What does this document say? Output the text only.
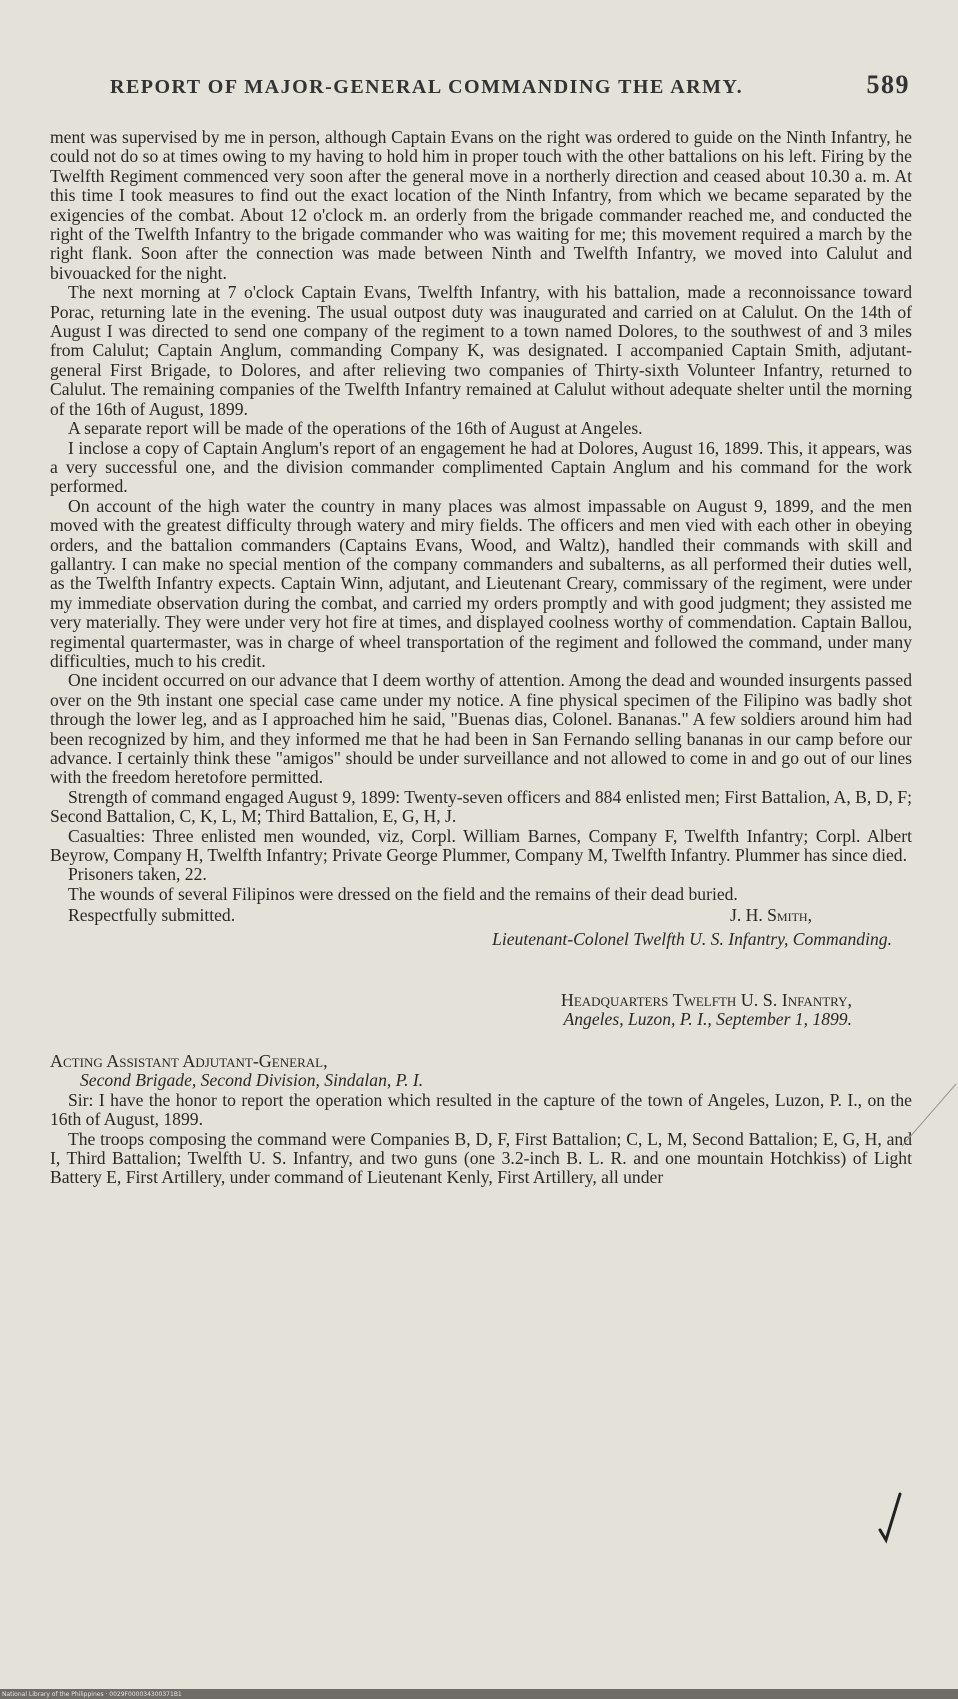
REPORT OF MAJOR-GENERAL COMMANDING THE ARMY.	589

ment was supervised by me in person, although Captain Evans on the right was ordered to guide on the Ninth Infantry, he could not do so at times owing to my having to hold him in proper touch with the other battalions on his left. Firing by the Twelfth Regiment commenced very soon after the general move in a northerly direction and ceased about 10.30 a. m. At this time I took measures to find out the exact location of the Ninth Infantry, from which we became separated by the exigencies of the combat. About 12 o'clock m. an orderly from the brigade commander reached me, and conducted the right of the Twelfth Infantry to the brigade commander who was waiting for me; this movement required a march by the right flank. Soon after the connection was made between Ninth and Twelfth Infantry, we moved into Calulut and bivouacked for the night.

The next morning at 7 o'clock Captain Evans, Twelfth Infantry, with his battalion, made a reconnoissance toward Porac, returning late in the evening. The usual outpost duty was inaugurated and carried on at Calulut. On the 14th of August I was directed to send one company of the regiment to a town named Dolores, to the southwest of and 3 miles from Calulut; Captain Anglum, commanding Company K, was designated. I accompanied Captain Smith, adjutant-general First Brigade, to Dolores, and after relieving two companies of Thirty-sixth Volunteer Infantry, returned to Calulut. The remaining companies of the Twelfth Infantry remained at Calulut without adequate shelter until the morning of the 16th of August, 1899.

A separate report will be made of the operations of the 16th of August at Angeles.

I inclose a copy of Captain Anglum's report of an engagement he had at Dolores, August 16, 1899. This, it appears, was a very successful one, and the division commander complimented Captain Anglum and his command for the work performed.

On account of the high water the country in many places was almost impassable on August 9, 1899, and the men moved with the greatest difficulty through watery and miry fields. The officers and men vied with each other in obeying orders, and the battalion commanders (Captains Evans, Wood, and Waltz), handled their commands with skill and gallantry. I can make no special mention of the company commanders and subalterns, as all performed their duties well, as the Twelfth Infantry expects. Captain Winn, adjutant, and Lieutenant Creary, commissary of the regiment, were under my immediate observation during the combat, and carried my orders promptly and with good judgment; they assisted me very materially. They were under very hot fire at times, and displayed coolness worthy of commendation. Captain Ballou, regimental quartermaster, was in charge of wheel transportation of the regiment and followed the command, under many difficulties, much to his credit.

One incident occurred on our advance that I deem worthy of attention. Among the dead and wounded insurgents passed over on the 9th instant one special case came under my notice. A fine physical specimen of the Filipino was badly shot through the lower leg, and as I approached him he said, "Buenas dias, Colonel. Bananas." A few soldiers around him had been recognized by him, and they informed me that he had been in San Fernando selling bananas in our camp before our advance. I certainly think these "amigos" should be under surveillance and not allowed to come in and go out of our lines with the freedom heretofore permitted.

Strength of command engaged August 9, 1899: Twenty-seven officers and 884 enlisted men; First Battalion, A, B, D, F; Second Battalion, C, K, L, M; Third Battalion, E, G, H, J.

Casualties: Three enlisted men wounded, viz, Corpl. William Barnes, Company F, Twelfth Infantry; Corpl. Albert Beyrow, Company H, Twelfth Infantry; Private George Plummer, Company M, Twelfth Infantry. Plummer has since died.

Prisoners taken, 22.

The wounds of several Filipinos were dressed on the field and the remains of their dead buried.

Respectfully submitted.	J. H. Smith,
Lieutenant-Colonel Twelfth U. S. Infantry, Commanding.
Headquarters Twelfth U. S. Infantry,
Angeles, Luzon, P. I., September 1, 1899.
Acting Assistant Adjutant-General,
Second Brigade, Second Division, Sindalan, P. I.

Sir: I have the honor to report the operation which resulted in the capture of the town of Angeles, Luzon, P. I., on the 16th of August, 1899.

The troops composing the command were Companies B, D, F, First Battalion; C, L, M, Second Battalion; E, G, H, and I, Third Battalion; Twelfth U. S. Infantry, and two guns (one 3.2-inch B. L. R. and one mountain Hotchkiss) of Light Battery E, First Artillery, under command of Lieutenant Kenly, First Artillery, all under

National Library of the Philippines · 0029F000034300371B1
